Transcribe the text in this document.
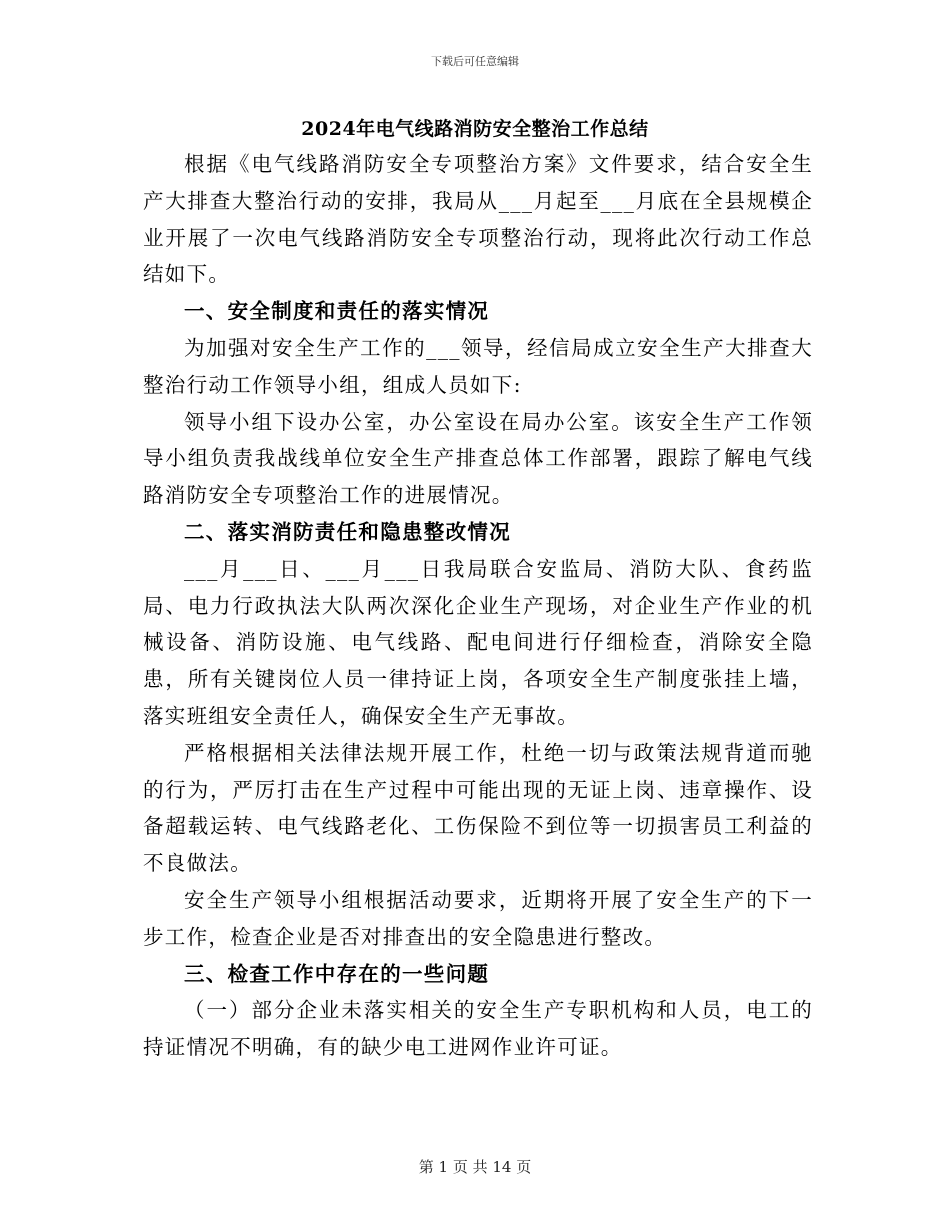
下载后可任意编辑
2024年电气线路消防安全整治工作总结

根据《电气线路消防安全专项整治方案》文件要求，结合安全生产大排查大整治行动的安排，我局从___月起至___月底在全县规模企业开展了一次电气线路消防安全专项整治行动，现将此次行动工作总结如下。

一、安全制度和责任的落实情况

为加强对安全生产工作的___领导，经信局成立安全生产大排查大整治行动工作领导小组，组成人员如下:

领导小组下设办公室，办公室设在局办公室。该安全生产工作领导小组负责我战线单位安全生产排查总体工作部署，跟踪了解电气线路消防安全专项整治工作的进展情况。

二、落实消防责任和隐患整改情况

___月___日、___月___日我局联合安监局、消防大队、食药监局、电力行政执法大队两次深化企业生产现场，对企业生产作业的机械设备、消防设施、电气线路、配电间进行仔细检查，消除安全隐患，所有关键岗位人员一律持证上岗，各项安全生产制度张挂上墙，落实班组安全责任人，确保安全生产无事故。

严格根据相关法律法规开展工作，杜绝一切与政策法规背道而驰的行为，严厉打击在生产过程中可能出现的无证上岗、违章操作、设备超载运转、电气线路老化、工伤保险不到位等一切损害员工利益的不良做法。

安全生产领导小组根据活动要求，近期将开展了安全生产的下一步工作，检查企业是否对排查出的安全隐患进行整改。

三、检查工作中存在的一些问题

（一）部分企业未落实相关的安全生产专职机构和人员，电工的持证情况不明确，有的缺少电工进网作业许可证。

第 1 页 共 14 页
